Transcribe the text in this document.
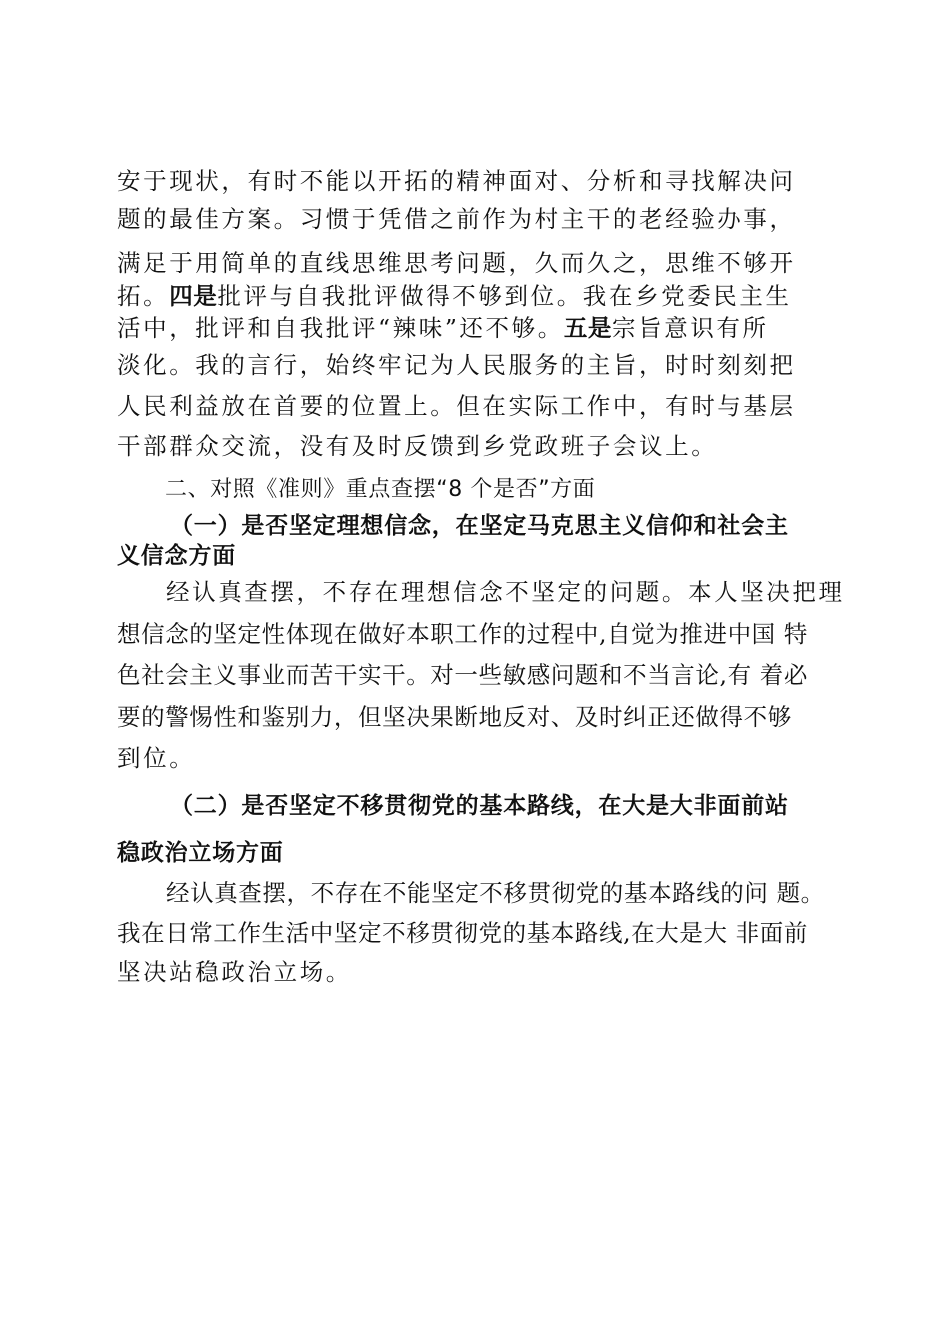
安于现状，有时不能以开拓的精神面对、分析和寻找解决问
题的最佳方案。习惯于凭借之前作为村主干的老经验办事，
满足于用简单的直线思维思考问题，久而久之，思维不够开
拓。四是批评与自我批评做得不够到位。我在乡党委民主生
活中，批评和自我批评“辣味”还不够。五是宗旨意识有所
淡化。我的言行，始终牢记为人民服务的主旨，时时刻刻把
人民利益放在首要的位置上。但在实际工作中，有时与基层
干部群众交流，没有及时反馈到乡党政班子会议上。
二、对照《准则》重点查摆“8 个是否”方面
（一）是否坚定理想信念，在坚定马克思主义信仰和社会主
义信念方面
经认真查摆，不存在理想信念不坚定的问题。本人坚决把理
想信念的坚定性体现在做好本职工作的过程中,自觉为推进中国 特
色社会主义事业而苦干实干。对一些敏感问题和不当言论,有 着必
要的警惕性和鉴别力，但坚决果断地反对、及时纠正还做得不够
到位。
（二）是否坚定不移贯彻党的基本路线，在大是大非面前站
稳政治立场方面
经认真查摆，不存在不能坚定不移贯彻党的基本路线的问 题。
我在日常工作生活中坚定不移贯彻党的基本路线,在大是大 非面前
坚决站稳政治立场。
